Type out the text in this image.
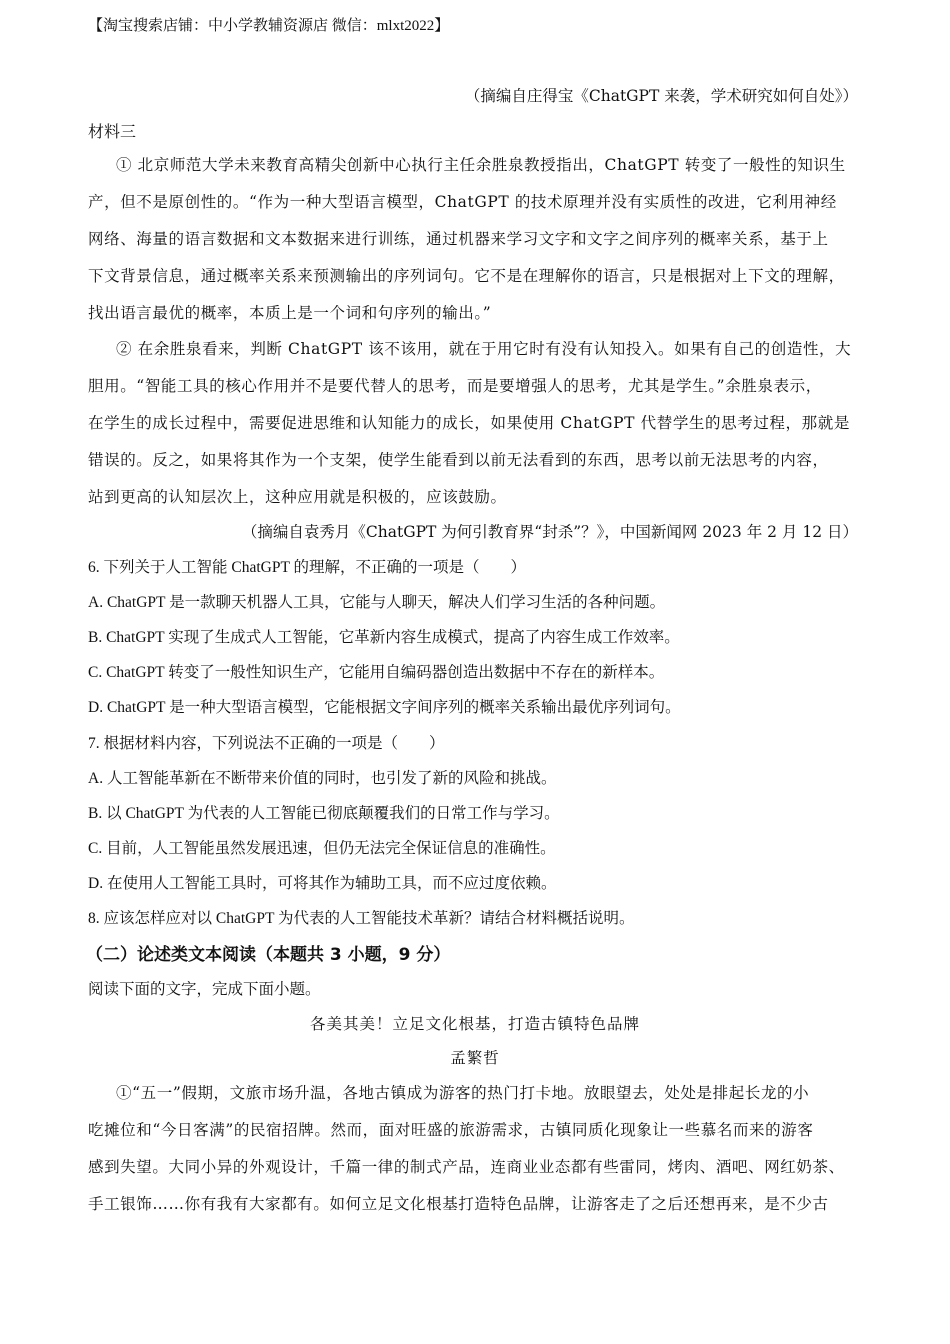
【淘宝搜索店铺：中小学教辅资源店 微信：mlxt2022】
（摘编自庄得宝《ChatGPT 来袭，学术研究如何自处》）
材料三
① 北京师范大学未来教育高精尖创新中心执行主任余胜泉教授指出，ChatGPT 转变了一般性的知识生
产，但不是原创性的。“作为一种大型语言模型，ChatGPT 的技术原理并没有实质性的改进，它利用神经
网络、海量的语言数据和文本数据来进行训练，通过机器来学习文字和文字之间序列的概率关系，基于上
下文背景信息，通过概率关系来预测输出的序列词句。它不是在理解你的语言，只是根据对上下文的理解，
找出语言最优的概率，本质上是一个词和句序列的输出。”
② 在余胜泉看来，判断 ChatGPT 该不该用，就在于用它时有没有认知投入。如果有自己的创造性，大
胆用。“智能工具的核心作用并不是要代替人的思考，而是要增强人的思考，尤其是学生。”余胜泉表示，
在学生的成长过程中，需要促进思维和认知能力的成长，如果使用 ChatGPT 代替学生的思考过程，那就是
错误的。反之，如果将其作为一个支架，使学生能看到以前无法看到的东西，思考以前无法思考的内容，
站到更高的认知层次上，这种应用就是积极的，应该鼓励。
（摘编自袁秀月《ChatGPT 为何引教育界“封杀”？》，中国新闻网 2023 年 2 月 12 日）
6. 下列关于人工智能 ChatGPT 的理解，不正确的一项是（　　）
A. ChatGPT 是一款聊天机器人工具，它能与人聊天，解决人们学习生活的各种问题。
B. ChatGPT 实现了生成式人工智能，它革新内容生成模式，提高了内容生成工作效率。
C. ChatGPT 转变了一般性知识生产，它能用自编码器创造出数据中不存在的新样本。
D. ChatGPT 是一种大型语言模型，它能根据文字间序列的概率关系输出最优序列词句。
7. 根据材料内容，下列说法不正确的一项是（　　）
A. 人工智能革新在不断带来价值的同时，也引发了新的风险和挑战。
B. 以 ChatGPT 为代表的人工智能已彻底颠覆我们的日常工作与学习。
C. 目前，人工智能虽然发展迅速，但仍无法完全保证信息的准确性。
D. 在使用人工智能工具时，可将其作为辅助工具，而不应过度依赖。
8. 应该怎样应对以 ChatGPT 为代表的人工智能技术革新？请结合材料概括说明。
（二）论述类文本阅读（本题共 3 小题，9 分）
阅读下面的文字，完成下面小题。
各美其美！立足文化根基，打造古镇特色品牌
孟繁哲
①“五一”假期，文旅市场升温，各地古镇成为游客的热门打卡地。放眼望去，处处是排起长龙的小
吃摊位和“今日客满”的民宿招牌。然而，面对旺盛的旅游需求，古镇同质化现象让一些慕名而来的游客
感到失望。大同小异的外观设计，千篇一律的制式产品，连商业业态都有些雷同，烤肉、酒吧、网红奶茶、
手工银饰……你有我有大家都有。如何立足文化根基打造特色品牌，让游客走了之后还想再来，是不少古
